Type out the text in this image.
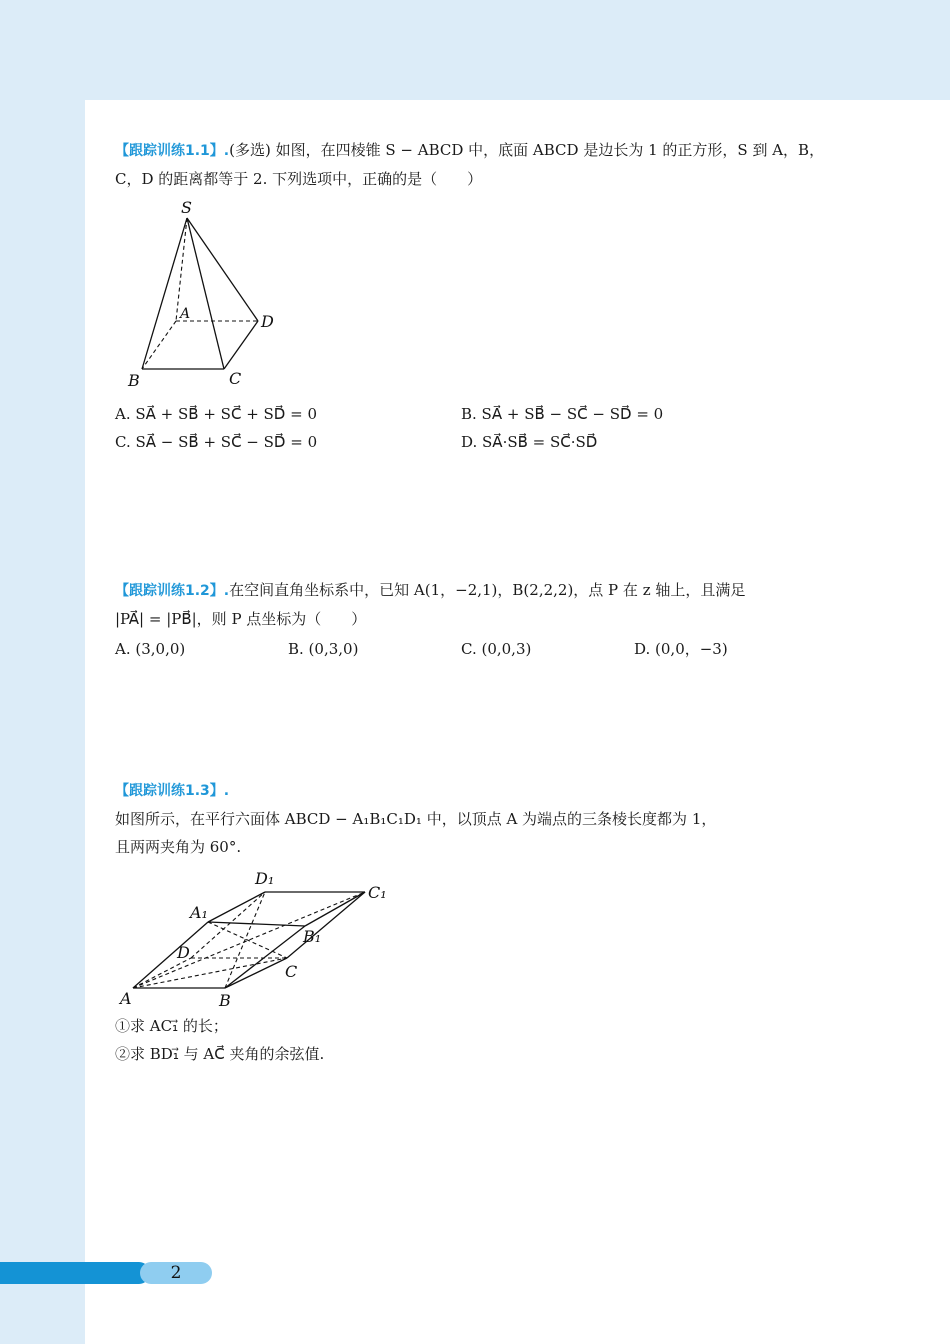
【跟踪训练1.1】.(多选) 如图，在四棱锥 S − ABCD 中，底面 ABCD 是边长为 1 的正方形，S 到 A，B，
C，D 的距离都等于 2. 下列选项中，正确的是（　　）
S
A	D
B	C
A. SA⃗ + SB⃗ + SC⃗ + SD⃗ = 0	B. SA⃗ + SB⃗ − SC⃗ − SD⃗ = 0
C. SA⃗ − SB⃗ + SC⃗ − SD⃗ = 0	D. SA⃗·SB⃗ = SC⃗·SD⃗
【跟踪训练1.2】.在空间直角坐标系中，已知 A(1，−2,1)，B(2,2,2)，点 P 在 z 轴上，且满足
|PA⃗| = |PB⃗|，则 P 点坐标为（　　）
A. (3,0,0)	B. (0,3,0)	C. (0,0,3)	D. (0,0，−3)
【跟踪训练1.3】.
如图所示，在平行六面体 ABCD − A₁B₁C₁D₁ 中，以顶点 A 为端点的三条棱长度都为 1，
且两两夹角为 60°.
D₁
C₁
A₁
B₁
D
C
A	B
①求 AC₁⃗ 的长；
②求 BD₁⃗ 与 AC⃗ 夹角的余弦值.
2
